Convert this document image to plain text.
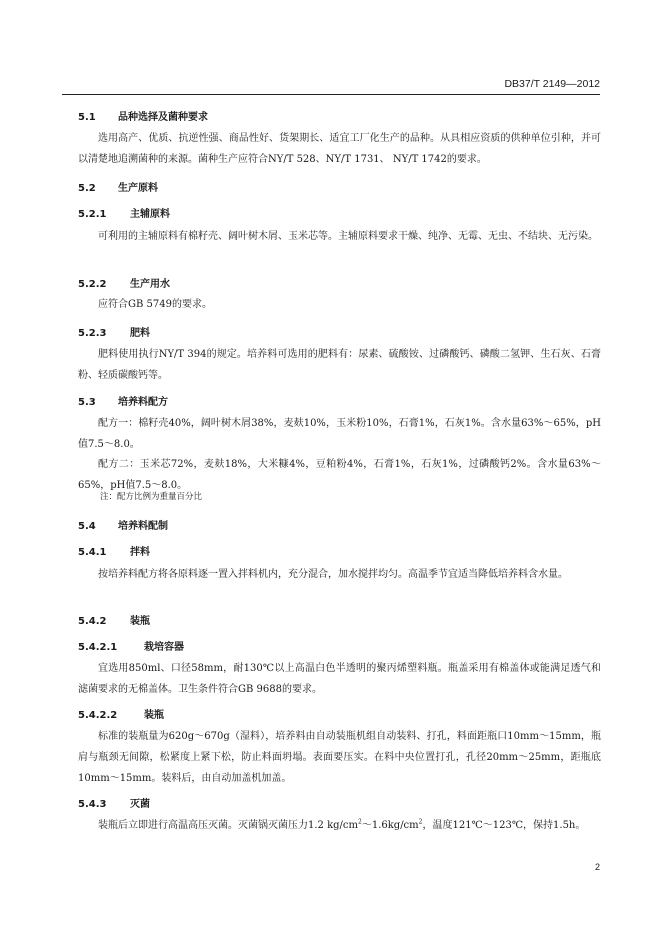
DB37/T 2149—2012
5.1 品种选择及菌种要求
选用高产、优质、抗逆性强、商品性好、货架期长、适宜工厂化生产的品种。从具相应资质的供种单位引种，并可以清楚地追溯菌种的来源。菌种生产应符合NY/T 528、NY/T 1731、 NY/T 1742的要求。
5.2 生产原料
5.2.1 主辅原料
可利用的主辅原料有棉籽壳、阔叶树木屑、玉米芯等。主辅原料要求干燥、纯净、无霉、无虫、不结块、无污染。
5.2.2 生产用水
应符合GB 5749的要求。
5.2.3 肥料
肥料使用执行NY/T 394的规定。培养料可选用的肥料有：尿素、硫酸铵、过磷酸钙、磷酸二氢钾、生石灰、石膏粉、轻质碳酸钙等。
5.3 培养料配方
配方一：棉籽壳40%，阔叶树木屑38%，麦麸10%，玉米粉10%，石膏1%，石灰1%。含水量63%～65%，pH值7.5～8.0。
配方二：玉米芯72%，麦麸18%，大米糠4%，豆粕粉4%，石膏1%，石灰1%，过磷酸钙2%。含水量63%～65%，pH值7.5～8.0。
注：配方比例为重量百分比
5.4 培养料配制
5.4.1 拌料
按培养料配方将各原料逐一置入拌料机内，充分混合，加水搅拌均匀。高温季节宜适当降低培养料含水量。
5.4.2 装瓶
5.4.2.1	栽培容器
宜选用850ml、口径58mm，耐130℃以上高温白色半透明的聚丙烯塑料瓶。瓶盖采用有棉盖体或能满足透气和滤菌要求的无棉盖体。卫生条件符合GB 9688的要求。
5.4.2.2	装瓶
标准的装瓶量为620g～670g（湿料），培养料由自动装瓶机组自动装料、打孔，料面距瓶口10mm～15mm，瓶肩与瓶颈无间隙，松紧度上紧下松，防止料面坍塌。表面要压实。在料中央位置打孔，孔径20mm～25mm，距瓶底10mm～15mm。装料后，由自动加盖机加盖。
5.4.3 灭菌
装瓶后立即进行高温高压灭菌。灭菌锅灭菌压力1.2 $kg/cm^2\sim 1.6kg/cm^2$，温度121℃～123℃，保持1.5h。
2
